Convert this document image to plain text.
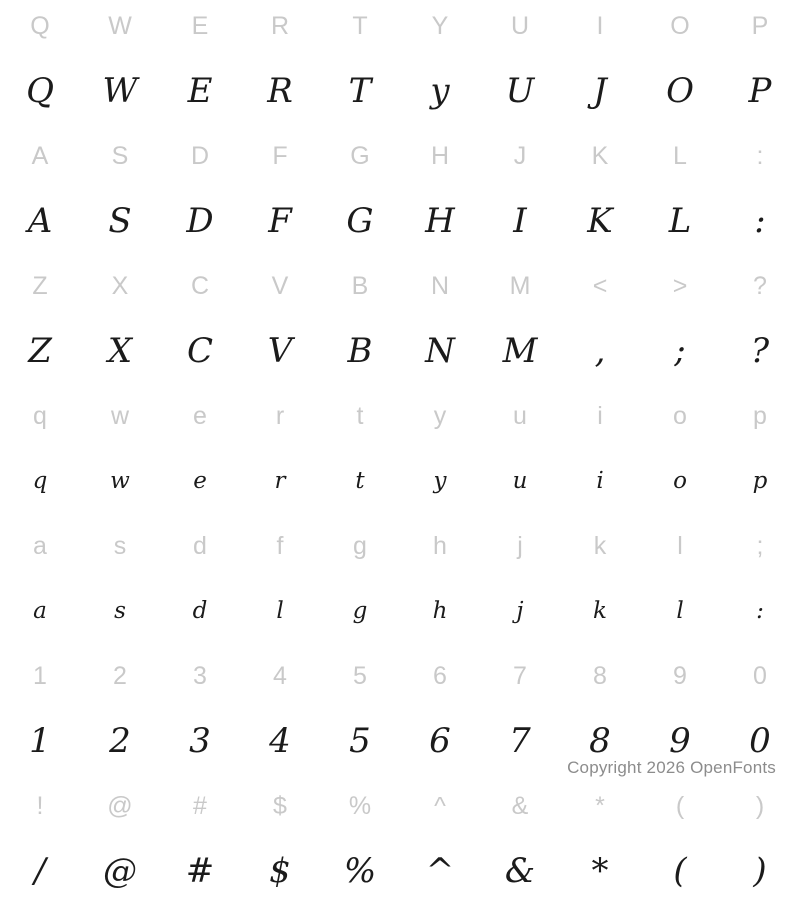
Q	W	E	R	T	Y	U	I	O	P
Q	W	E	R	T	y	U	J	O	P
A	S	D	F	G	H	J	K	L	:
A	S	D	F	G	H	I	K	L	:
Z	X	C	V	B	N	M	<	>	?
Z	X	C	V	B	N	M	,	;	?
q	w	e	r	t	y	u	i	o	p
q	w	e	r	t	y	u	i	o	p
a	s	d	f	g	h	j	k	l	;
a	s	d	l	g	h	j	k	l	:
1	2	3	4	5	6	7	8	9	0
1	2	3	4	5	6	7	8	9	0
!	@	#	$	%	^	&	*	(	)
/	@	#	$	%	^	&	*	(	)
Copyright 2026 OpenFonts
